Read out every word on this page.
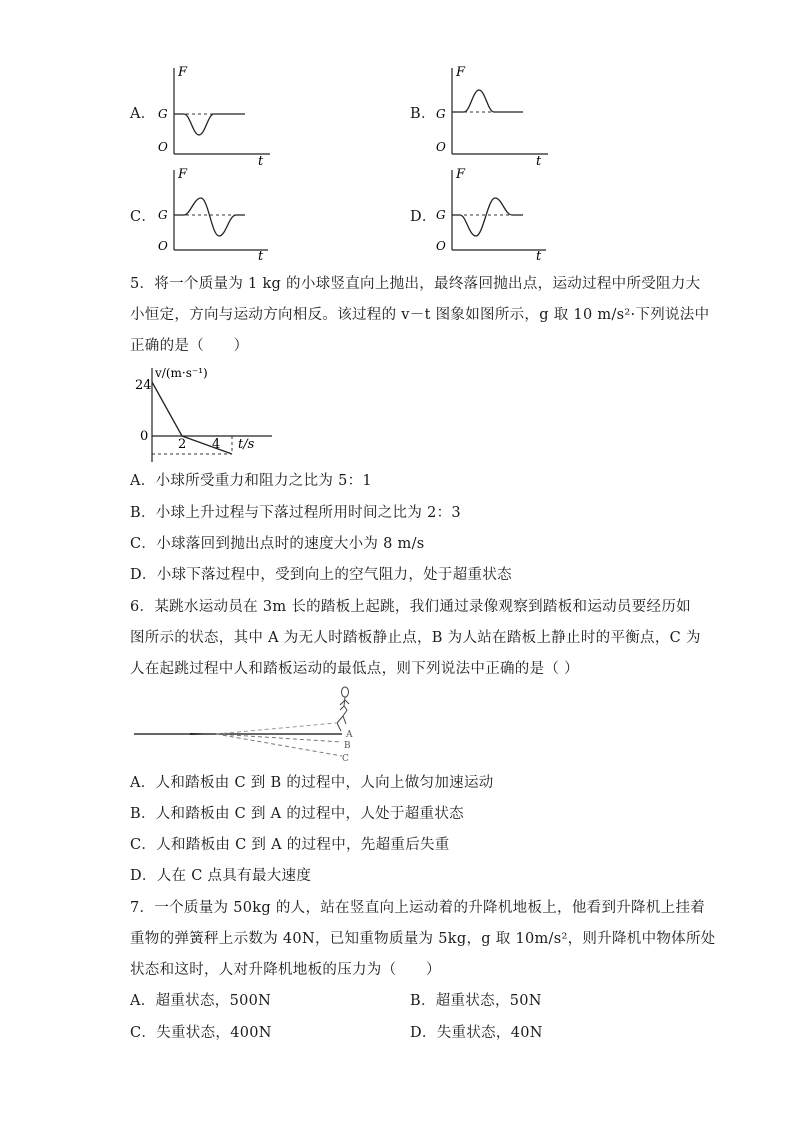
A．
F
t
O
G	B．
F
t
O
G
C．
F
t
O
G	D．
F
t
O
G
5．将一个质量为 1 kg 的小球竖直向上抛出，最终落回抛出点，运动过程中所受阻力大
小恒定，方向与运动方向相反。该过程的 v－t 图象如图所示，g 取 10 m/s²·下列说法中
正确的是（　　）
v/(m·s⁻¹)
24
0
2 4 t/s
A．小球所受重力和阻力之比为 5：1
B．小球上升过程与下落过程所用时间之比为 2：3
C．小球落回到抛出点时的速度大小为 8 m/s
D．小球下落过程中，受到向上的空气阻力，处于超重状态
6．某跳水运动员在 3m 长的踏板上起跳，我们通过录像观察到踏板和运动员要经历如
图所示的状态，其中 A 为无人时踏板静止点，B 为人站在踏板上静止时的平衡点，C 为
人在起跳过程中人和踏板运动的最低点，则下列说法中正确的是（ ）
A
B
C
A．人和踏板由 C 到 B 的过程中，人向上做匀加速运动
B．人和踏板由 C 到 A 的过程中，人处于超重状态
C．人和踏板由 C 到 A 的过程中，先超重后失重
D．人在 C 点具有最大速度
7．一个质量为 50kg 的人，站在竖直向上运动着的升降机地板上，他看到升降机上挂着
重物的弹簧秤上示数为 40N，已知重物质量为 5kg，g 取 10m/s²，则升降机中物体所处
状态和这时，人对升降机地板的压力为（　　）
A．超重状态，500N	B．超重状态，50N
C．失重状态，400N	D．失重状态，40N
